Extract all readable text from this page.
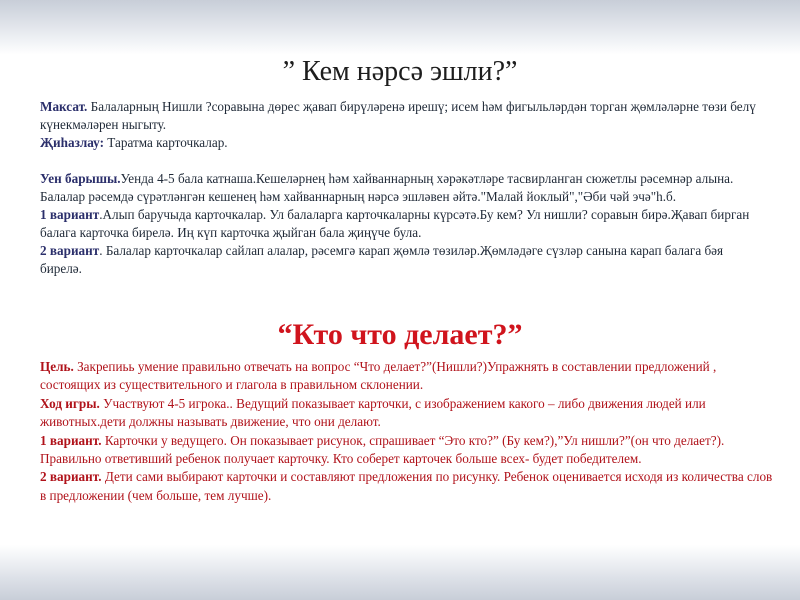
” Кем нәрсә эшли?”

Максат. Балаларның Нишли ?соравына дөрес җавап бирүләренә ирешү; исем һәм фигыльләрдән торган җөмләләрне төзи белү күнекмәләрен ныгыту.

Җиһазлау: Таратма карточкалар.

Уен барышы.Уенда 4-5 бала катнаша.Кешеләрнең һәм хайваннарның хәрәкәтләре тасвирланган сюжетлы рәсемнәр алына. Балалар рәсемдә сүрәтләнгән кешенең һәм хайваннарның нәрсә эшләвен әйтә."Малай йоклый","Әби чәй эчә"һ.б.

1 вариант.Алып баручыда карточкалар. Ул балаларга карточкаларны күрсәтә.Бу кем? Ул нишли? соравын бирә.Җавап бирган балага карточка бирелә. Иң күп карточка җыйган бала җиңүче була.

2 вариант. Балалар карточкалар сайлап алалар, рәсемгә карап җөмлә төзиләр.Җөмләдәге сүзләр санына карап балага бәя бирелә.

“Кто что делает?”

Цель. Закрепиьь умение правильно отвечать на вопрос “Что делает?”(Нишли?)Упражнять в составлении предложений , состоящих из существительного и глагола в правильном склонении.

Ход игры. Участвуют 4-5 игрока.. Ведущий показывает карточки, с изображением какого – либо движения людей или животных.дети должны называть движение, что они делают.

1 вариант. Карточки у ведущего. Он показывает рисунок, спрашивает “Это кто?” (Бу кем?),”Ул нишли?”(он что делает?). Правильно ответивший ребенок получает карточку. Кто соберет карточек больше всех- будет победителем.

2 вариант. Дети сами выбирают карточки и составляют предложения по рисунку. Ребенок оценивается исходя из количества слов в предложении (чем больше, тем лучше).
